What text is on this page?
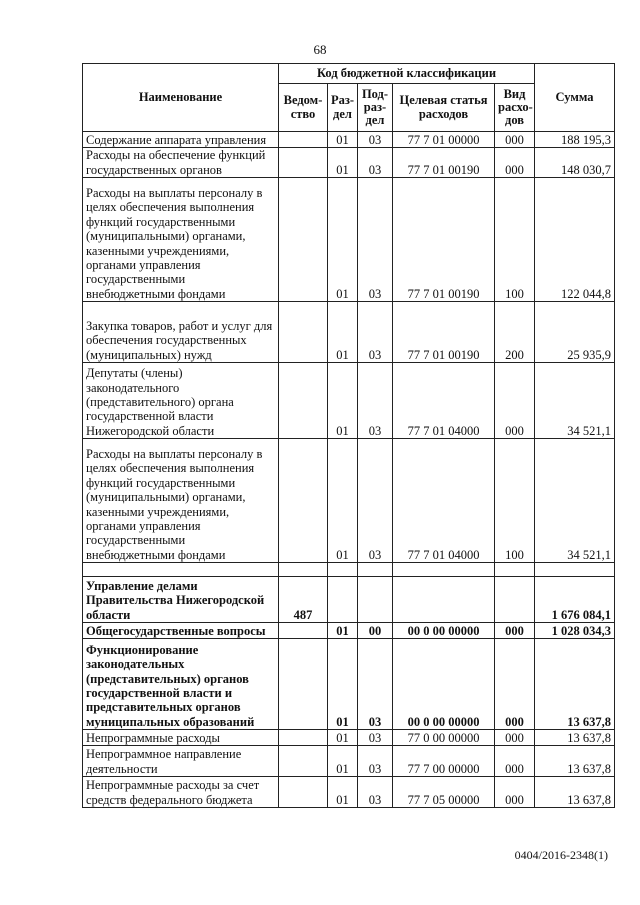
68
Наименование	Код бюджетной классификации					Сумма
	Ведом-ство	Раз-дел	Под-раз-дел	Целевая статья расходов	Вид расхо-дов	
Содержание аппарата управления		01	03	77 7 01 00000	000	188 195,3
Расходы на обеспечение функций государственных органов		01	03	77 7 01 00190	000	148 030,7
Расходы на выплаты персоналу в целях обеспечения выполнения функций государственными (муниципальными) органами, казенными учреждениями, органами управления государственными внебюджетными фондами		01	03	77 7 01 00190	100	122 044,8
Закупка товаров, работ и услуг для обеспечения государственных (муниципальных) нужд		01	03	77 7 01 00190	200	25 935,9
Депутаты (члены) законодательного (представительного) органа государственной власти Нижегородской области		01	03	77 7 01 04000	000	34 521,1
Расходы на выплаты персоналу в целях обеспечения выполнения функций государственными (муниципальными) органами, казенными учреждениями, органами управления государственными внебюджетными фондами		01	03	77 7 01 04000	100	34 521,1

Управление делами Правительства Нижегородской области	487					1 676 084,1
Общегосударственные вопросы		01	00	00 0 00 00000	000	1 028 034,3
Функционирование законодательных (представительных) органов государственной власти и представительных органов муниципальных образований		01	03	00 0 00 00000	000	13 637,8
Непрограммные расходы		01	03	77 0 00 00000	000	13 637,8
Непрограммное направление деятельности		01	03	77 7 00 00000	000	13 637,8
Непрограммные расходы за счет средств федерального бюджета		01	03	77 7 05 00000	000	13 637,8
0404/2016-2348(1)
